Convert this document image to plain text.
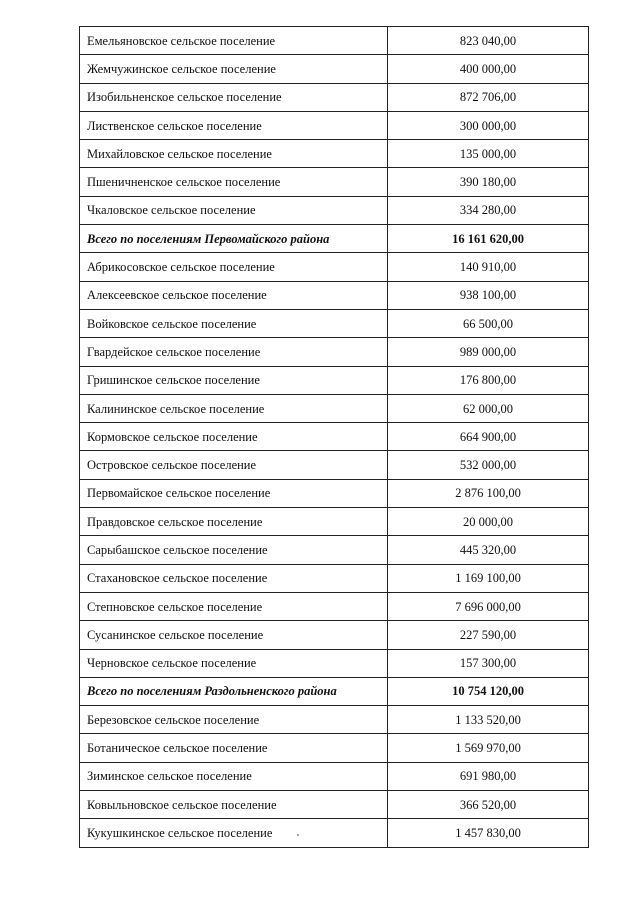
Емельяновское сельское поселение	823 040,00
Жемчужинское сельское поселение	400 000,00
Изобильненское сельское поселение	872 706,00
Лиственское сельское поселение	300 000,00
Михайловское сельское поселение	135 000,00
Пшеничненское сельское поселение	390 180,00
Чкаловское сельское поселение	334 280,00
Всего по поселениям Первомайского района	16 161 620,00
Абрикосовское сельское поселение	140 910,00
Алексеевское сельское поселение	938 100,00
Войковское сельское поселение	66 500,00
Гвардейское сельское поселение	989 000,00
Гришинское сельское поселение	176 800,00
Калининское сельское поселение	62 000,00
Кормовское сельское поселение	664 900,00
Островское сельское поселение	532 000,00
Первомайское сельское поселение	2 876 100,00
Правдовское сельское поселение	20 000,00
Сарыбашское сельское поселение	445 320,00
Стахановское сельское поселение	1 169 100,00
Степновское сельское поселение	7 696 000,00
Сусанинское сельское поселение	227 590,00
Черновское сельское поселение	157 300,00
Всего по поселениям Раздольненского района	10 754 120,00
Березовское сельское поселение	1 133 520,00
Ботаническое сельское поселение	1 569 970,00
Зиминское сельское поселение	691 980,00
Ковыльновское сельское поселение	366 520,00
Кукушкинское сельское поселение	1 457 830,00
